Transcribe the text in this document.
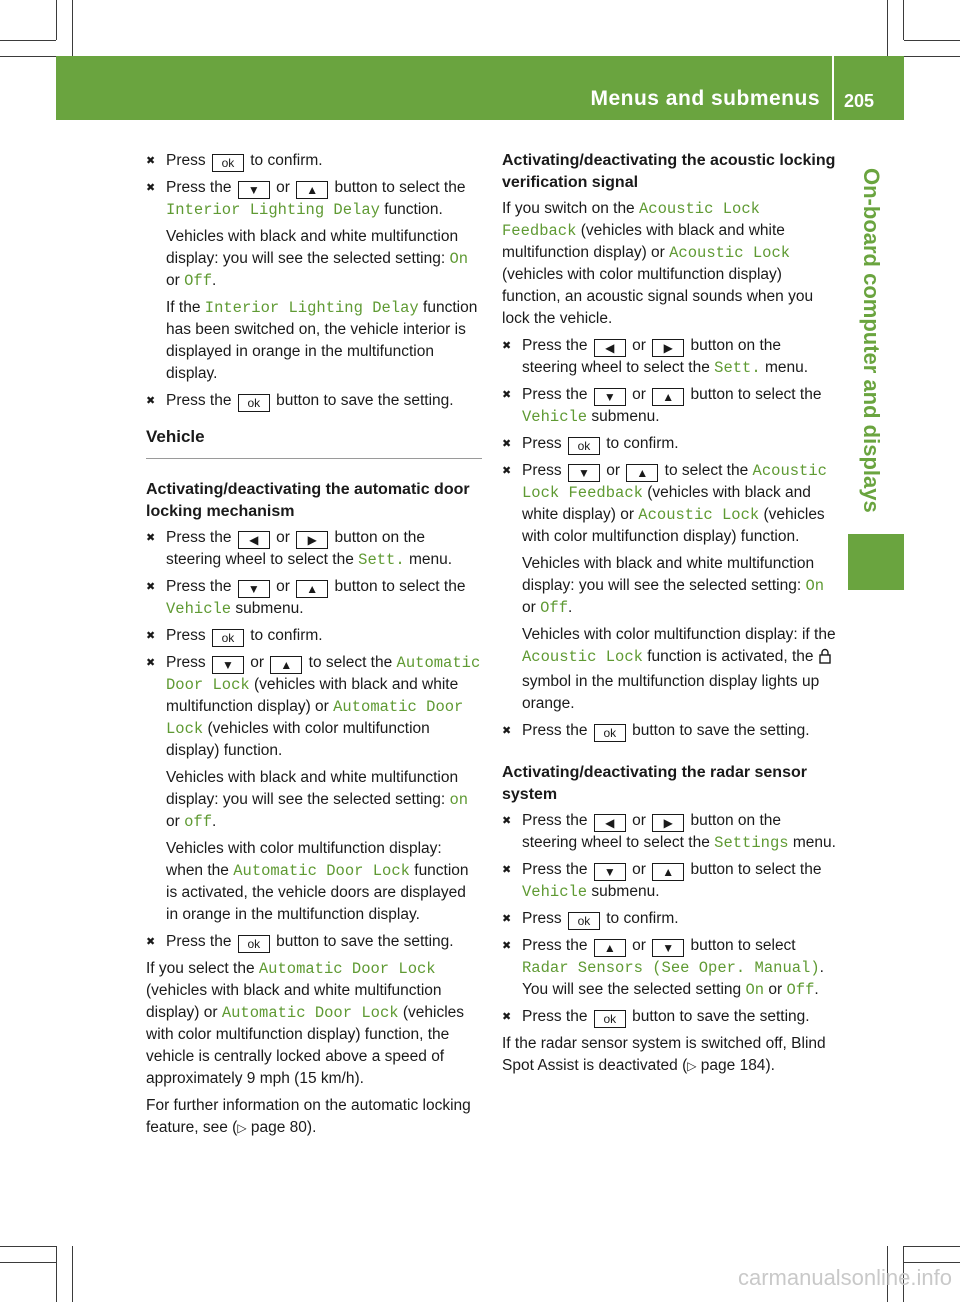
Menus and submenus 205
On-board computer and displays
✖ Press ok to confirm.
✖ Press the ▼ or ▲ button to select the Interior Lighting Delay function.
Vehicles with black and white multifunction display: you will see the selected setting: On or Off.
If the Interior Lighting Delay function has been switched on, the vehicle interior is displayed in orange in the multifunction display.
✖ Press the ok button to save the setting.
Vehicle
Activating/deactivating the automatic door locking mechanism
✖ Press the ◀ or ▶ button on the steering wheel to select the Sett. menu.
✖ Press the ▼ or ▲ button to select the Vehicle submenu.
✖ Press ok to confirm.
✖ Press ▼ or ▲ to select the Automatic Door Lock (vehicles with black and white multifunction display) or Automatic Door Lock (vehicles with color multifunction display) function.
Vehicles with black and white multifunction display: you will see the selected setting: on or off.
Vehicles with color multifunction display: when the Automatic Door Lock function is activated, the vehicle doors are displayed in orange in the multifunction display.
✖ Press the ok button to save the setting.
If you select the Automatic Door Lock (vehicles with black and white multifunction display) or Automatic Door Lock (vehicles with color multifunction display) function, the vehicle is centrally locked above a speed of approximately 9 mph (15 km/h).
For further information on the automatic locking feature, see (▷ page 80).
Activating/deactivating the acoustic locking verification signal
If you switch on the Acoustic Lock Feedback (vehicles with black and white multifunction display) or Acoustic Lock (vehicles with color multifunction display) function, an acoustic signal sounds when you lock the vehicle.
✖ Press the ◀ or ▶ button on the steering wheel to select the Sett. menu.
✖ Press the ▼ or ▲ button to select the Vehicle submenu.
✖ Press ok to confirm.
✖ Press ▼ or ▲ to select the Acoustic Lock Feedback (vehicles with black and white display) or Acoustic Lock (vehicles with color multifunction display) function.
Vehicles with black and white multifunction display: you will see the selected setting: On or Off.
Vehicles with color multifunction display: if the Acoustic Lock function is activated, the  symbol in the multifunction display lights up orange.
✖ Press the ok button to save the setting.
Activating/deactivating the radar sensor system
✖ Press the ◀ or ▶ button on the steering wheel to select the Settings menu.
✖ Press the ▼ or ▲ button to select the Vehicle submenu.
✖ Press ok to confirm.
✖ Press the ▲ or ▼ button to select Radar Sensors (See Oper. Manual). You will see the selected setting On or Off.
✖ Press the ok button to save the setting.
If the radar sensor system is switched off, Blind Spot Assist is deactivated (▷ page 184).
carmanualsonline.info
